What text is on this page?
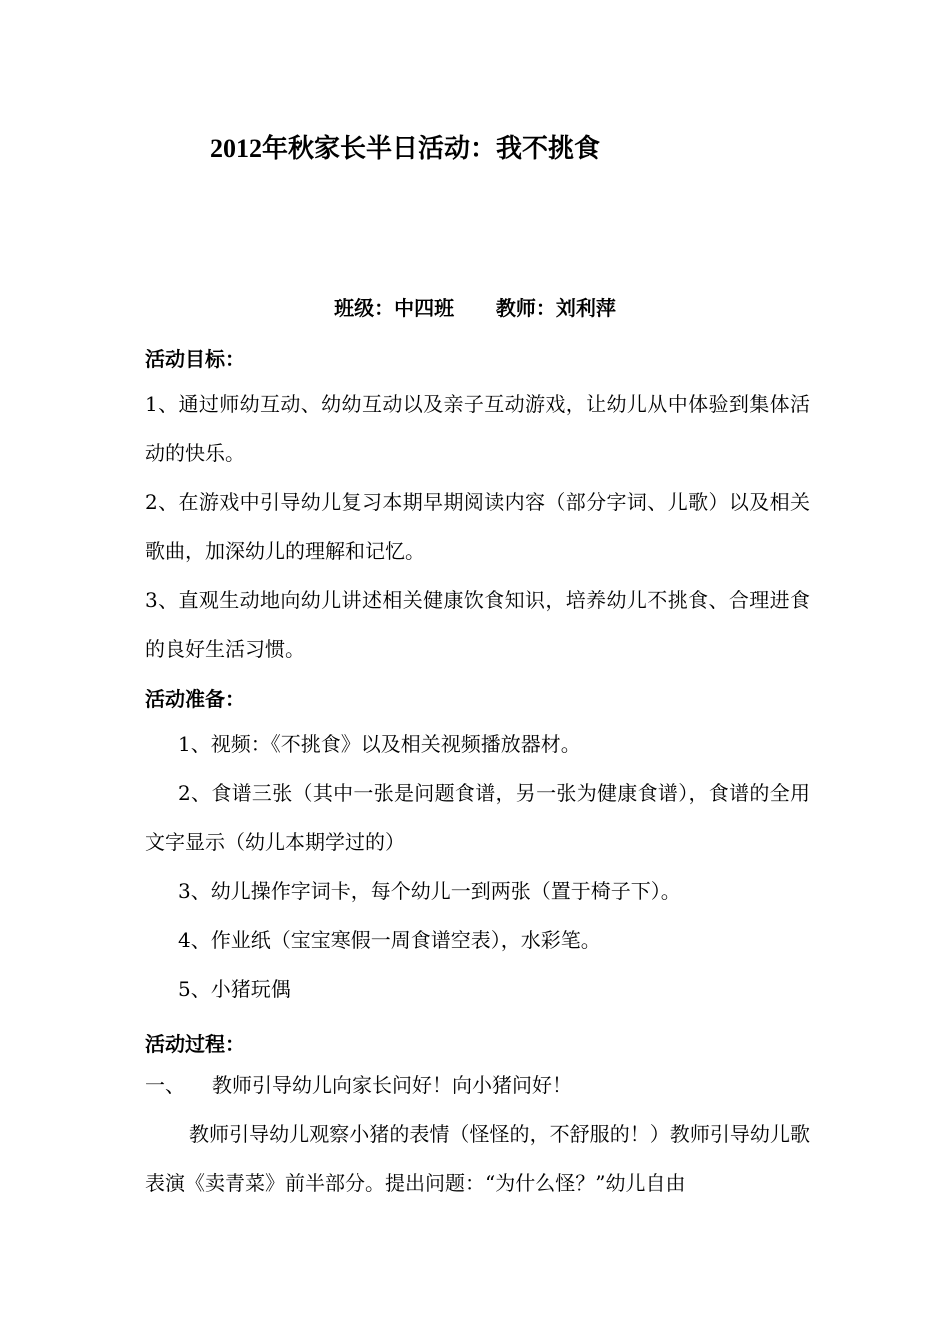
2012年秋家长半日活动：我不挑食
班级：中四班      教师：刘利萍
活动目标：
1、通过师幼互动、幼幼互动以及亲子互动游戏，让幼儿从中体验到集体活动的快乐。
2、在游戏中引导幼儿复习本期早期阅读内容（部分字词、儿歌）以及相关歌曲，加深幼儿的理解和记忆。
3、直观生动地向幼儿讲述相关健康饮食知识，培养幼儿不挑食、合理进食的良好生活习惯。
活动准备：
1、视频：《不挑食》以及相关视频播放器材。
2、食谱三张（其中一张是问题食谱，另一张为健康食谱），食谱的全用文字显示（幼儿本期学过的）
3、幼儿操作字词卡，每个幼儿一到两张（置于椅子下）。
4、作业纸（宝宝寒假一周食谱空表），水彩笔。
5、小猪玩偶
活动过程：
一、 教师引导幼儿向家长问好！向小猪问好！
教师引导幼儿观察小猪的表情（怪怪的，不舒服的！）教师引导幼儿歌表演《卖青菜》前半部分。提出问题：“为什么怪？”幼儿自由
